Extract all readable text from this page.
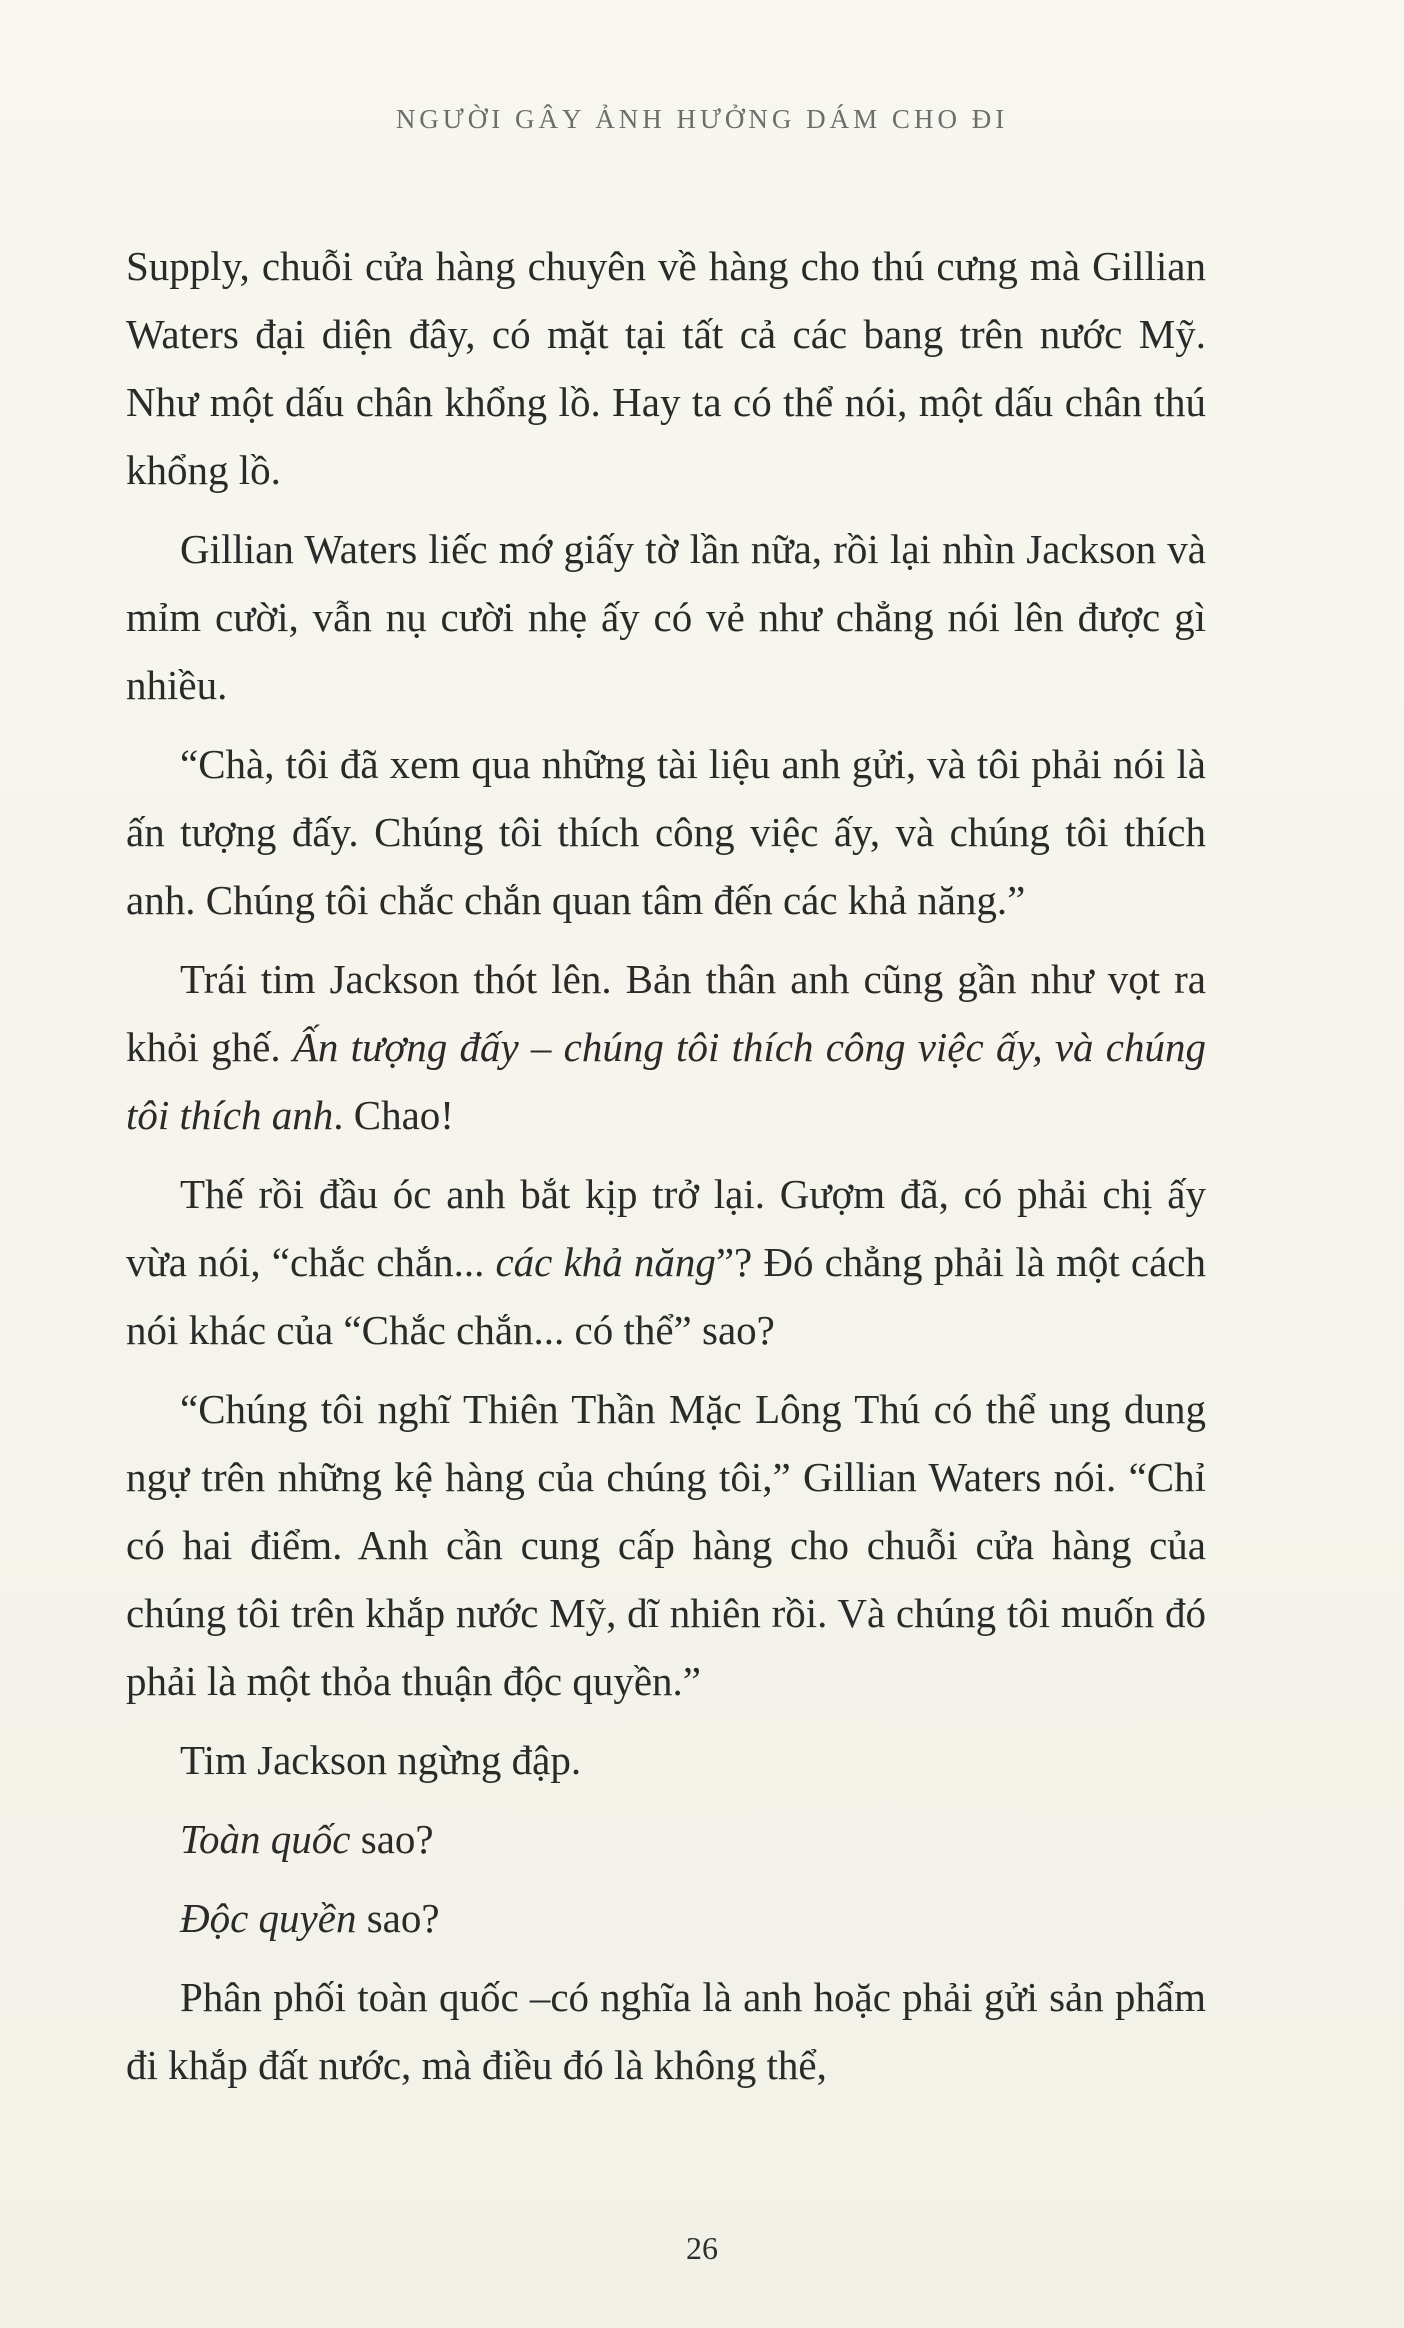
NGƯỜI GÂY ẢNH HƯỞNG DÁM CHO ĐI

Supply, chuỗi cửa hàng chuyên về hàng cho thú cưng mà Gillian Waters đại diện đây, có mặt tại tất cả các bang trên nước Mỹ. Như một dấu chân khổng lồ. Hay ta có thể nói, một dấu chân thú khổng lồ.

Gillian Waters liếc mớ giấy tờ lần nữa, rồi lại nhìn Jackson và mỉm cười, vẫn nụ cười nhẹ ấy có vẻ như chẳng nói lên được gì nhiều.

“Chà, tôi đã xem qua những tài liệu anh gửi, và tôi phải nói là ấn tượng đấy. Chúng tôi thích công việc ấy, và chúng tôi thích anh. Chúng tôi chắc chắn quan tâm đến các khả năng.”

Trái tim Jackson thót lên. Bản thân anh cũng gần như vọt ra khỏi ghế. Ấn tượng đấy – chúng tôi thích công việc ấy, và chúng tôi thích anh. Chao!

Thế rồi đầu óc anh bắt kịp trở lại. Gượm đã, có phải chị ấy vừa nói, “chắc chắn... các khả năng”? Đó chẳng phải là một cách nói khác của “Chắc chắn... có thể” sao?

“Chúng tôi nghĩ Thiên Thần Mặc Lông Thú có thể ung dung ngự trên những kệ hàng của chúng tôi,” Gillian Waters nói. “Chỉ có hai điểm. Anh cần cung cấp hàng cho chuỗi cửa hàng của chúng tôi trên khắp nước Mỹ, dĩ nhiên rồi. Và chúng tôi muốn đó phải là một thỏa thuận độc quyền.”

Tim Jackson ngừng đập.

Toàn quốc sao?

Độc quyền sao?

Phân phối toàn quốc –có nghĩa là anh hoặc phải gửi sản phẩm đi khắp đất nước, mà điều đó là không thể,

26
